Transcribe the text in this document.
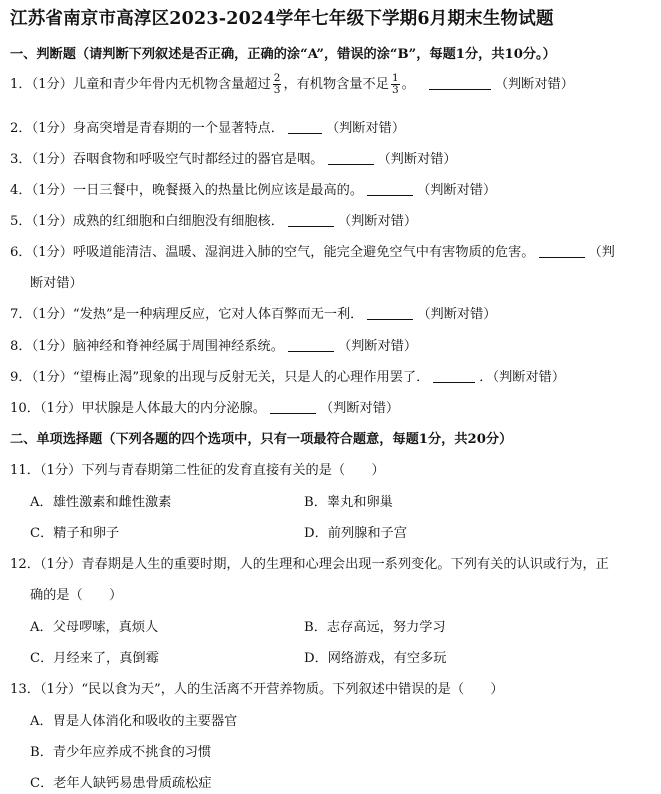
江苏省南京市高淳区2023-2024学年七年级下学期6月期末生物试题
一、判断题（请判断下列叙述是否正确，正确的涂“A”，错误的涂“B”，每题1分，共10分。）
1．（1分）儿童和青少年骨内无机物含量超过 $\frac{2}{3}$ ，有机物含量不足 $\frac{1}{3}$ 。	（判断对错）
2．（1分）身高突增是青春期的一个显著特点．	（判断对错）
3．（1分）吞咽食物和呼吸空气时都经过的器官是咽。	（判断对错）
4．（1分）一日三餐中，晚餐摄入的热量比例应该是最高的。	（判断对错）
5．（1分）成熟的红细胞和白细胞没有细胞核．	（判断对错）
6．（1分）呼吸道能清洁、温暖、湿润进入肺的空气，能完全避免空气中有害物质的危害。	（判
断对错）
7．（1分）“发热”是一种病理反应，它对人体百弊而无一利．	（判断对错）
8．（1分）脑神经和脊神经属于周围神经系统。	（判断对错）
9．（1分）“望梅止渴”现象的出现与反射无关，只是人的心理作用罢了．	．（判断对错）
10．（1分）甲状腺是人体最大的内分泌腺。	（判断对错）
二、单项选择题（下列各题的四个选项中，只有一项最符合题意，每题1分，共20分）
11．（1分）下列与青春期第二性征的发育直接有关的是（　　）
A．雄性激素和雌性激素	B．睾丸和卵巢
C．精子和卵子	D．前列腺和子宫
12．（1分）青春期是人生的重要时期，人的生理和心理会出现一系列变化。下列有关的认识或行为，正
确的是（　　）
A．父母啰嗦，真烦人	B．志存高远，努力学习
C．月经来了，真倒霉	D．网络游戏，有空多玩
13．（1分）“民以食为天”，人的生活离不开营养物质。下列叙述中错误的是（　　）
A．胃是人体消化和吸收的主要器官
B．青少年应养成不挑食的习惯
C．老年人缺钙易患骨质疏松症
